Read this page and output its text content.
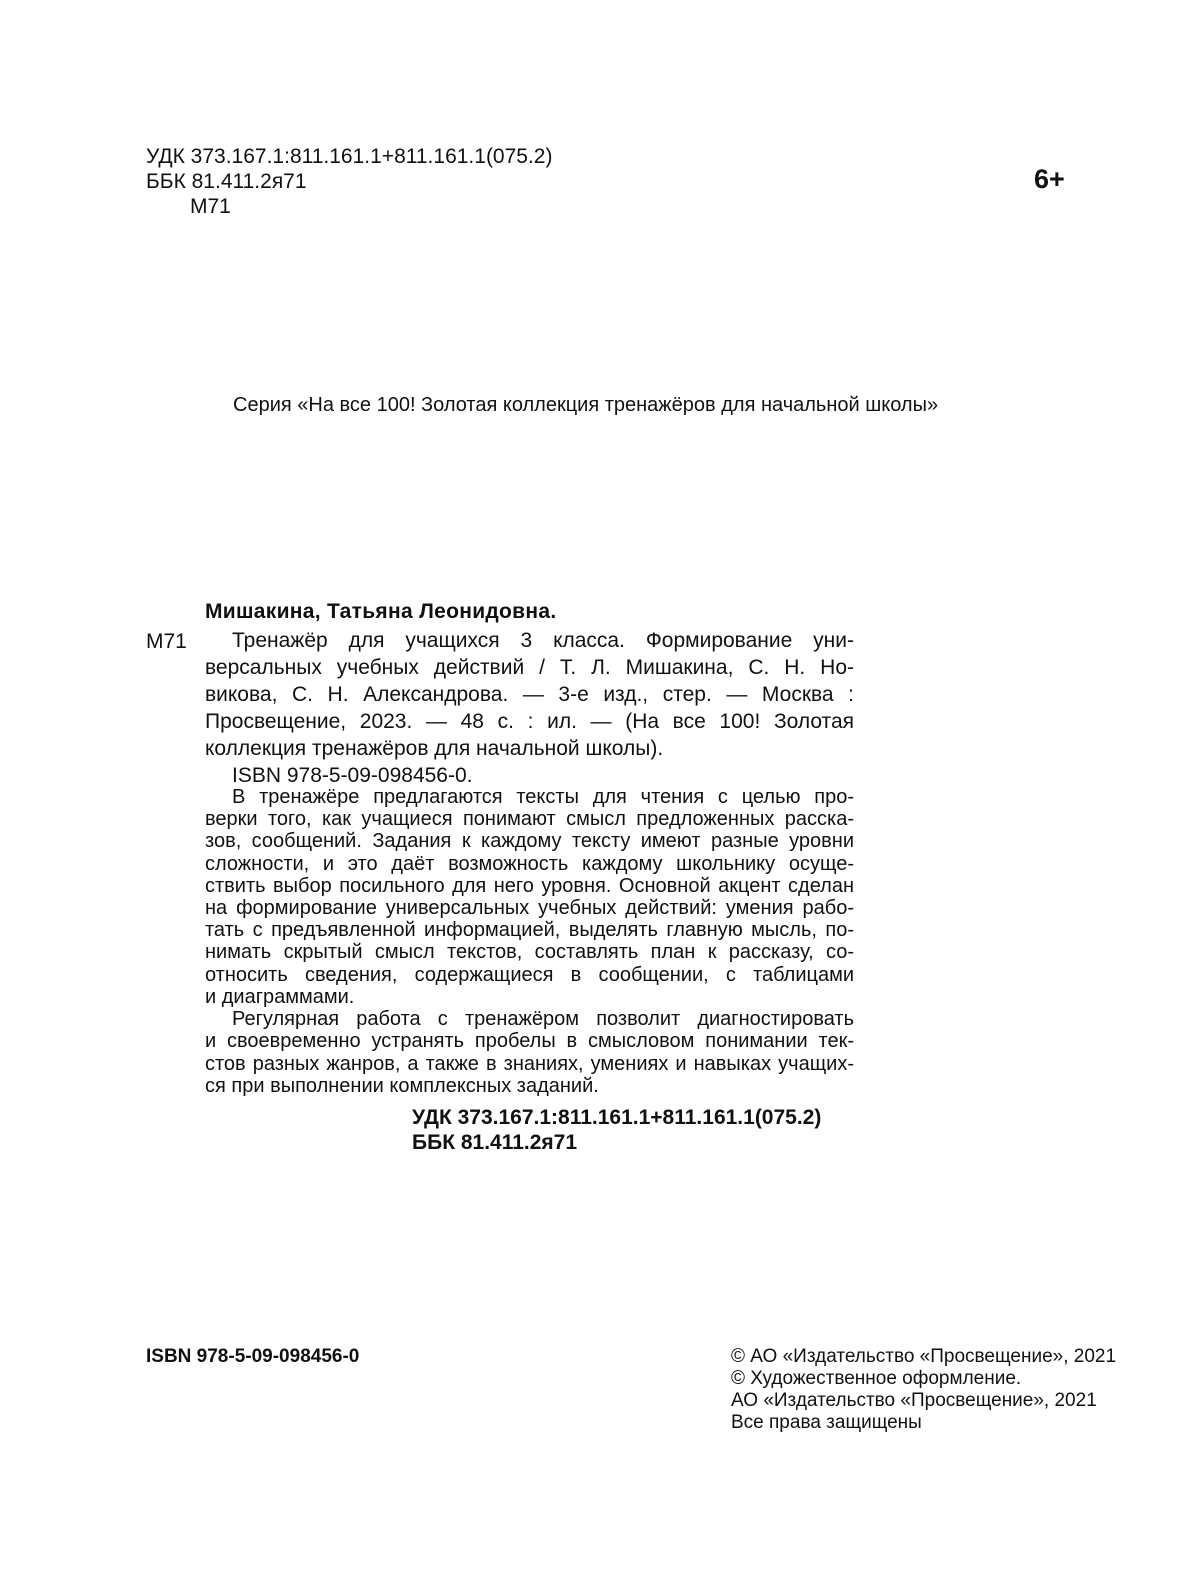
УДК 373.167.1:811.161.1+811.161.1(075.2)
ББК 81.411.2я71
М71
6+
Серия «На все 100! Золотая коллекция тренажёров для начальной школы»
Мишакина, Татьяна Леонидовна.
М71 Тренажёр для учащихся 3 класса. Формирование уни-
версальных учебных действий / Т. Л. Мишакина, С. Н. Но-
викова, С. Н. Александрова. — 3-е изд., стер. — Москва :
Просвещение, 2023. — 48 с. : ил. — (На все 100! Золотая
коллекция тренажёров для начальной школы).
ISBN 978-5-09-098456-0.
В тренажёре предлагаются тексты для чтения с целью про-
верки того, как учащиеся понимают смысл предложенных расска-
зов, сообщений. Задания к каждому тексту имеют разные уровни
сложности, и это даёт возможность каждому школьнику осуще-
ствить выбор посильного для него уровня. Основной акцент сделан
на формирование универсальных учебных действий: умения рабо-
тать с предъявленной информацией, выделять главную мысль, по-
нимать скрытый смысл текстов, составлять план к рассказу, со-
относить сведения, содержащиеся в сообщении, с таблицами
и диаграммами.
Регулярная работа с тренажёром позволит диагностировать
и своевременно устранять пробелы в смысловом понимании тек-
стов разных жанров, а также в знаниях, умениях и навыках учащих-
ся при выполнении комплексных заданий.
УДК 373.167.1:811.161.1+811.161.1(075.2)
ББК 81.411.2я71
ISBN 978-5-09-098456-0	© АО «Издательство «Просвещение», 2021
© Художественное оформление.
АО «Издательство «Просвещение», 2021
Все права защищены
